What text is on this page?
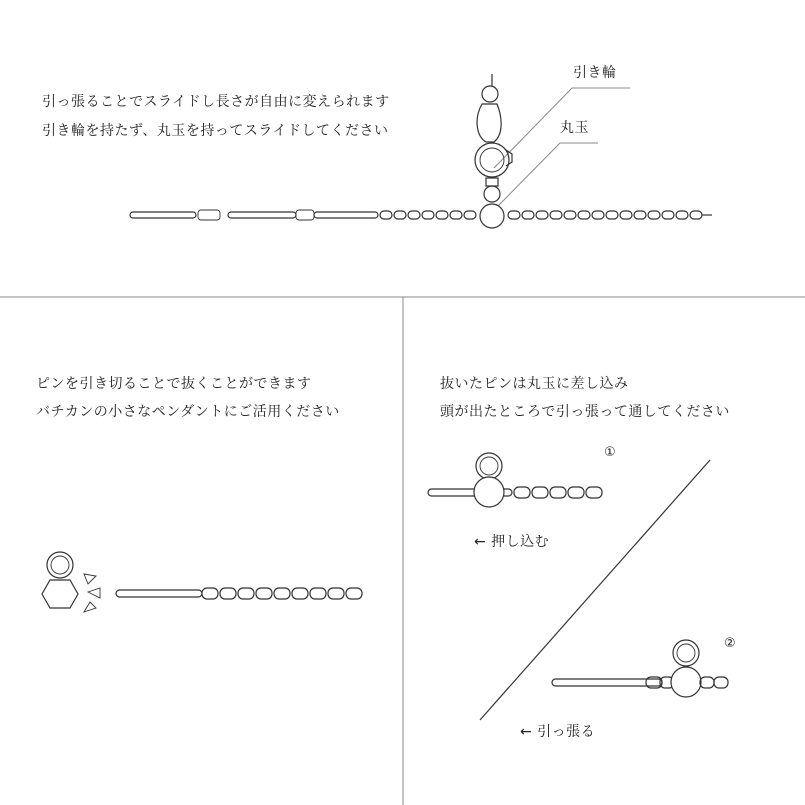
引っ張ることでスライドし長さが自由に変えられます
引き輪を持たず、丸玉を持ってスライドしてください
引き輪
丸玉
ピンを引き切ることで抜くことができます
バチカンの小さなペンダントにご活用ください
抜いたピンは丸玉に差し込み
頭が出たところで引っ張って通してください
①
← 押し込む
②
← 引っ張る
